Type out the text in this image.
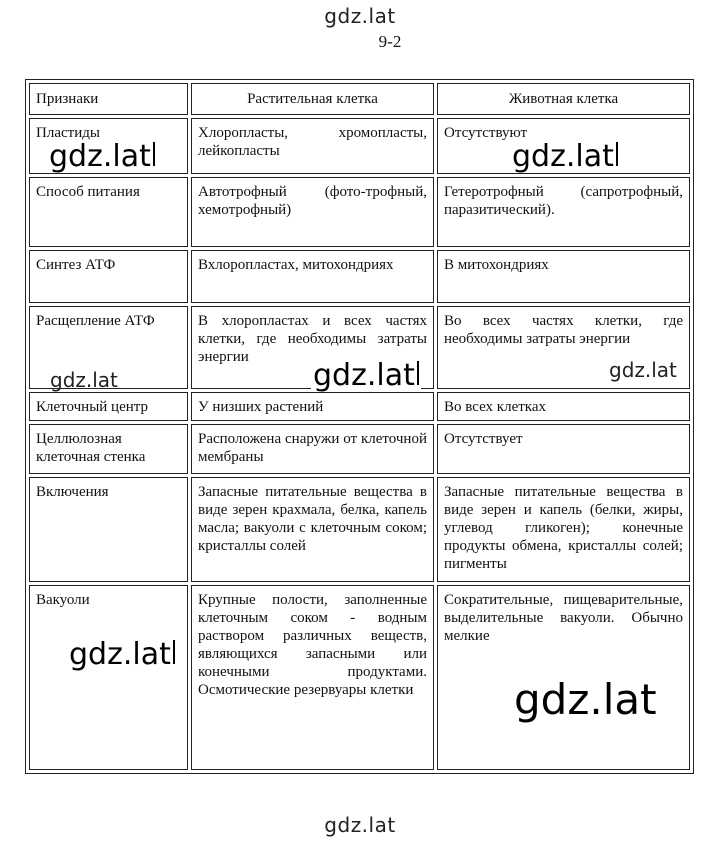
gdz.lat
9-2
Признаки	Растительная клетка	Животная клетка
Пластиды	Хлоропласты, хромопласты, лейкопласты	Отсутствуют
Способ питания	Автотрофный (фото-трофный, хемотрофный)	Гетеротрофный (сапротрофный, паразитический).
Синтез АТФ	Вхлоропластах, митохондриях	В митохондриях
Расщепление АТФ	В хлоропластах и всех частях клетки, где необходимы затраты энергии	Во всех частях клетки, где необходимы затраты энергии
Клеточный центр	У низших растений	Во всех клетках
Целлюлозная клеточная стенка	Расположена снаружи от клеточной мембраны	Отсутствует
Включения	Запасные питательные вещества в виде зерен крахмала, белка, капель масла; вакуоли с клеточным соком; кристаллы солей	Запасные питательные вещества в виде зерен и капель (белки, жиры, углевод гликоген); конечные продукты обмена, кристаллы солей; пигменты
Вакуоли	Крупные полости, заполненные клеточным соком - водным раствором различных веществ, являющихся запасными или конечными продуктами. Осмотические резервуары клетки	Сократительные, пищеварительные, выделительные вакуоли. Обычно мелкие
gdz.lat	gdz.lat
gdz.lat	gdz.lat	gdz.lat
gdz.lat
gdz.lat
gdz.lat
